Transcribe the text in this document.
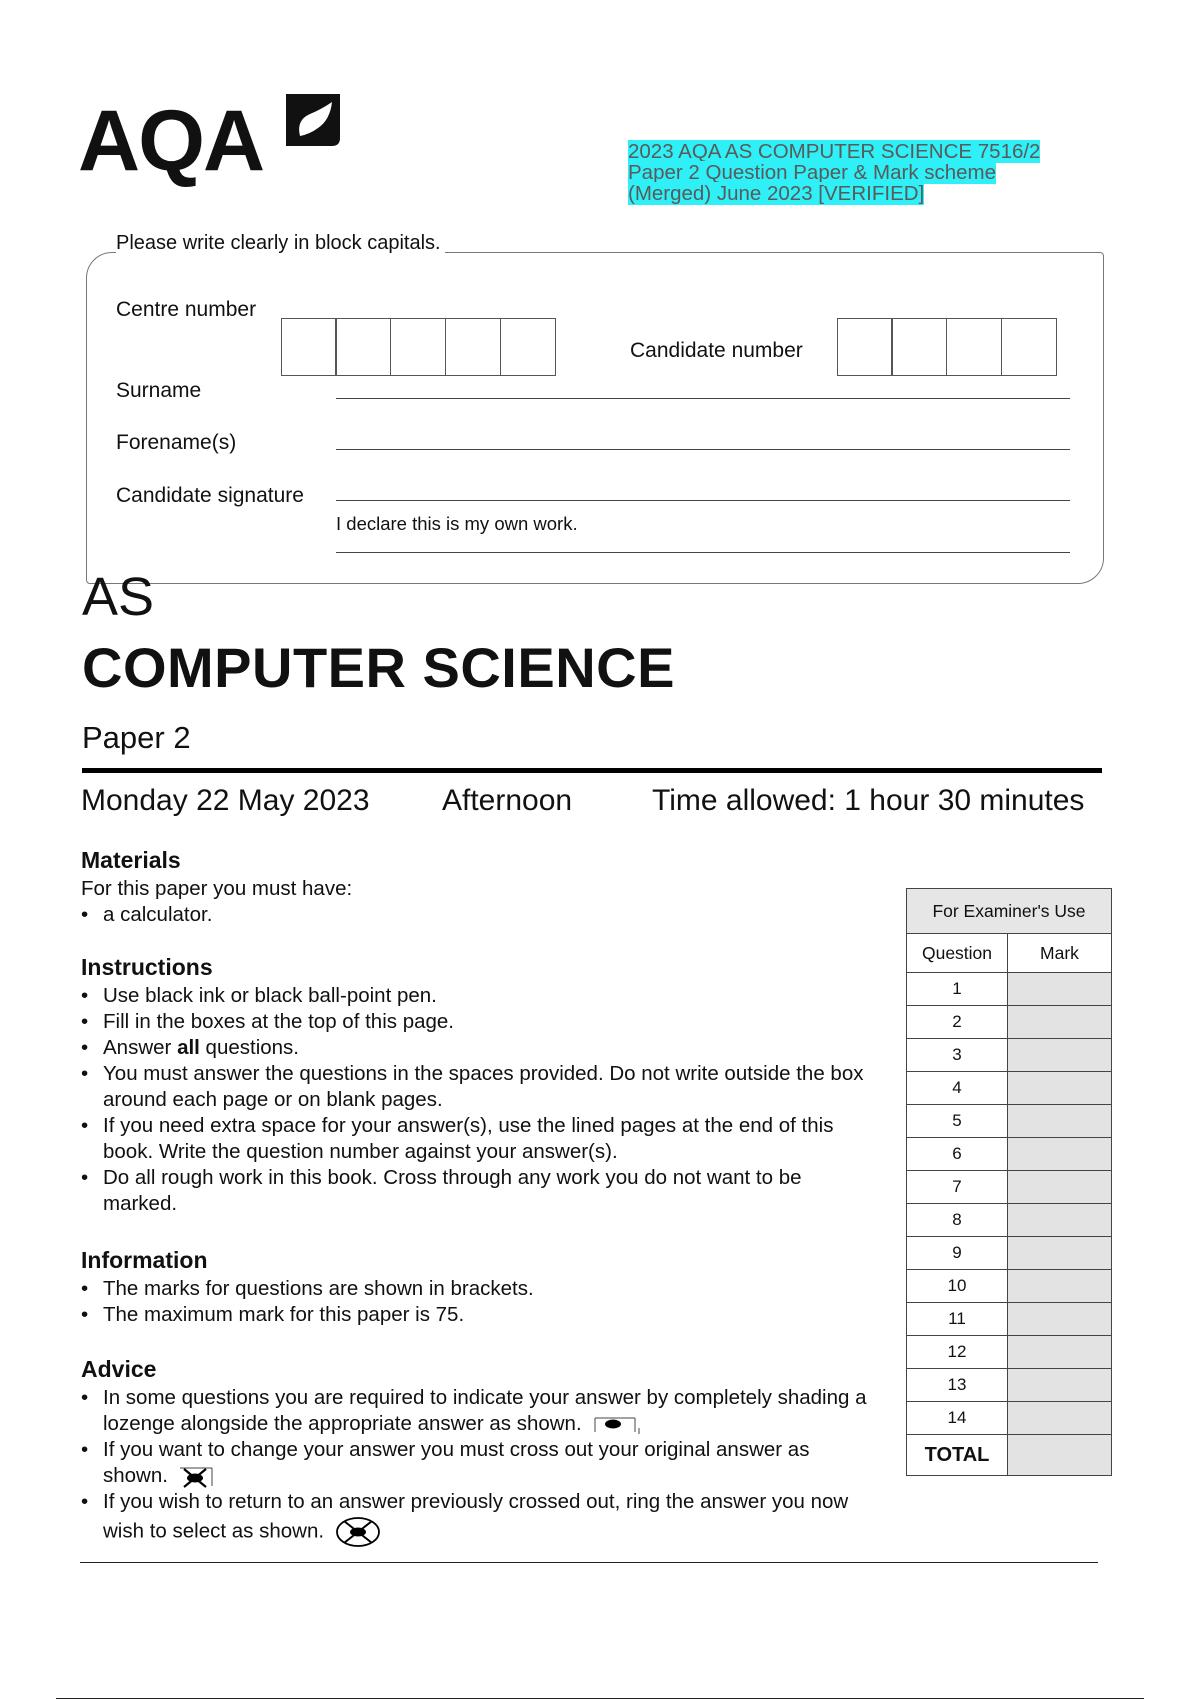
AQA	2023 AQA AS COMPUTER SCIENCE 7516/2 Paper 2 Question Paper & Mark scheme (Merged) June 2023 [VERIFIED]
Please write clearly in block capitals.
Centre number
Candidate number
Surname
Forename(s)
Candidate signature
I declare this is my own work.
AS
COMPUTER SCIENCE
Paper 2
Monday 22 May 2023 Afternoon	Time allowed: 1 hour 30 minutes
Materials
For this paper you must have:
• a calculator.
Instructions
• Use black ink or black ball-point pen.
• Fill in the boxes at the top of this page.
• Answer all questions.
• You must answer the questions in the spaces provided. Do not write outside the box around each page or on blank pages.
• If you need extra space for your answer(s), use the lined pages at the end of this book. Write the question number against your answer(s).
• Do all rough work in this book. Cross through any work you do not want to be marked.
Information
• The marks for questions are shown in brackets.
• The maximum mark for this paper is 75.
Advice
• In some questions you are required to indicate your answer by completely shading a lozenge alongside the appropriate answer as shown.
• If you want to change your answer you must cross out your original answer as shown.
• If you wish to return to an answer previously crossed out, ring the answer you now wish to select as shown.
For Examiner's Use	
Question	Mark
1	
2	
3	
4	
5	
6	
7	
8	
9	
10	
11	
12	
13	
14	
TOTAL	
